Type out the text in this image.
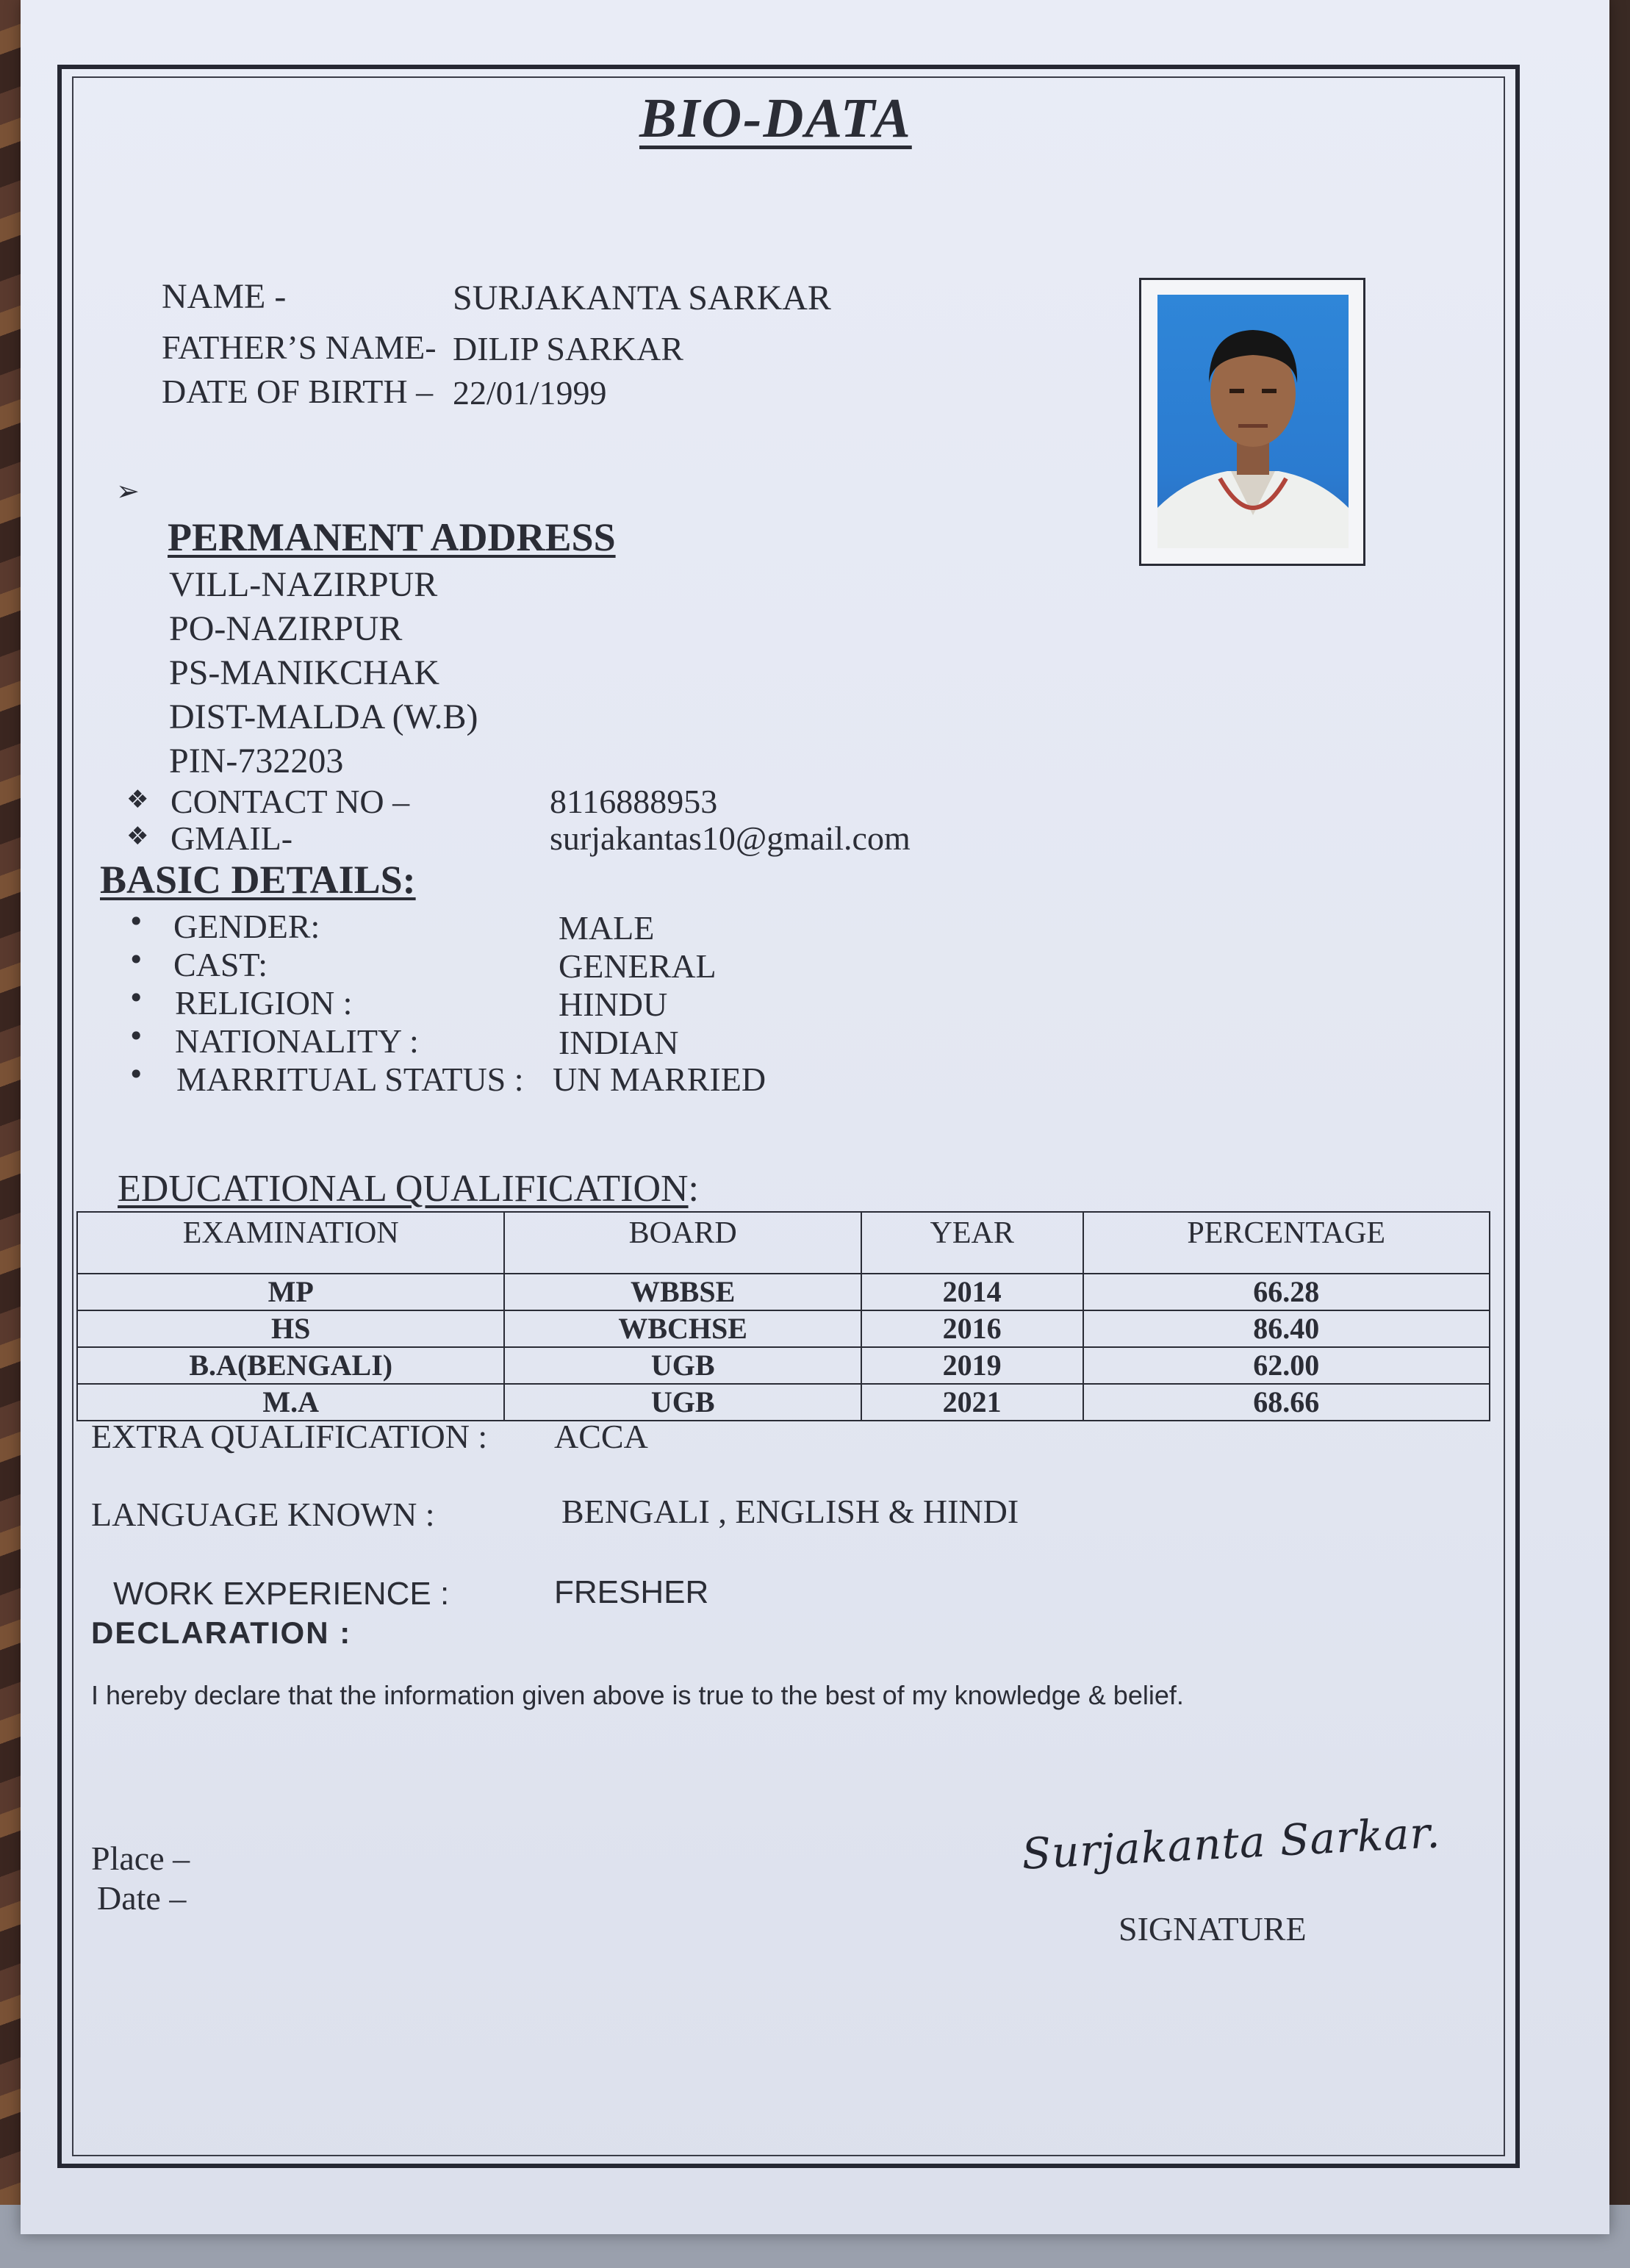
BIO-DATA
NAME -	SURJAKANTA SARKAR
FATHER’S NAME- DILIP SARKAR
DATE OF BIRTH – 22/01/1999
➢
PERMANENT ADDRESS
VILL-NAZIRPUR
PO-NAZIRPUR
PS-MANIKCHAK
DIST-MALDA (W.B)
PIN-732203
❖ CONTACT NO –	8116888953
❖ GMAIL-	surjakantas10@gmail.com
BASIC DETAILS:
• GENDER:	MALE
• CAST:	GENERAL
• RELIGION :	HINDU
• NATIONALITY :	INDIAN
• MARRITUAL STATUS : UN MARRIED
EDUCATIONAL QUALIFICATION:
EXAMINATION	BOARD	YEAR	PERCENTAGE
MP	WBBSE	2014	66.28
HS	WBCHSE	2016	86.40
B.A(BENGALI)	UGB	2019	62.00
M.A	UGB	2021	68.66
EXTRA QUALIFICATION : ACCA
LANGUAGE KNOWN :	BENGALI , ENGLISH & HINDI
WORK EXPERIENCE :	FRESHER
DECLARATION :
I hereby declare that the information given above is true to the best of my knowledge & belief.
Place –
Date –
Surjakanta Sarkar.
SIGNATURE
